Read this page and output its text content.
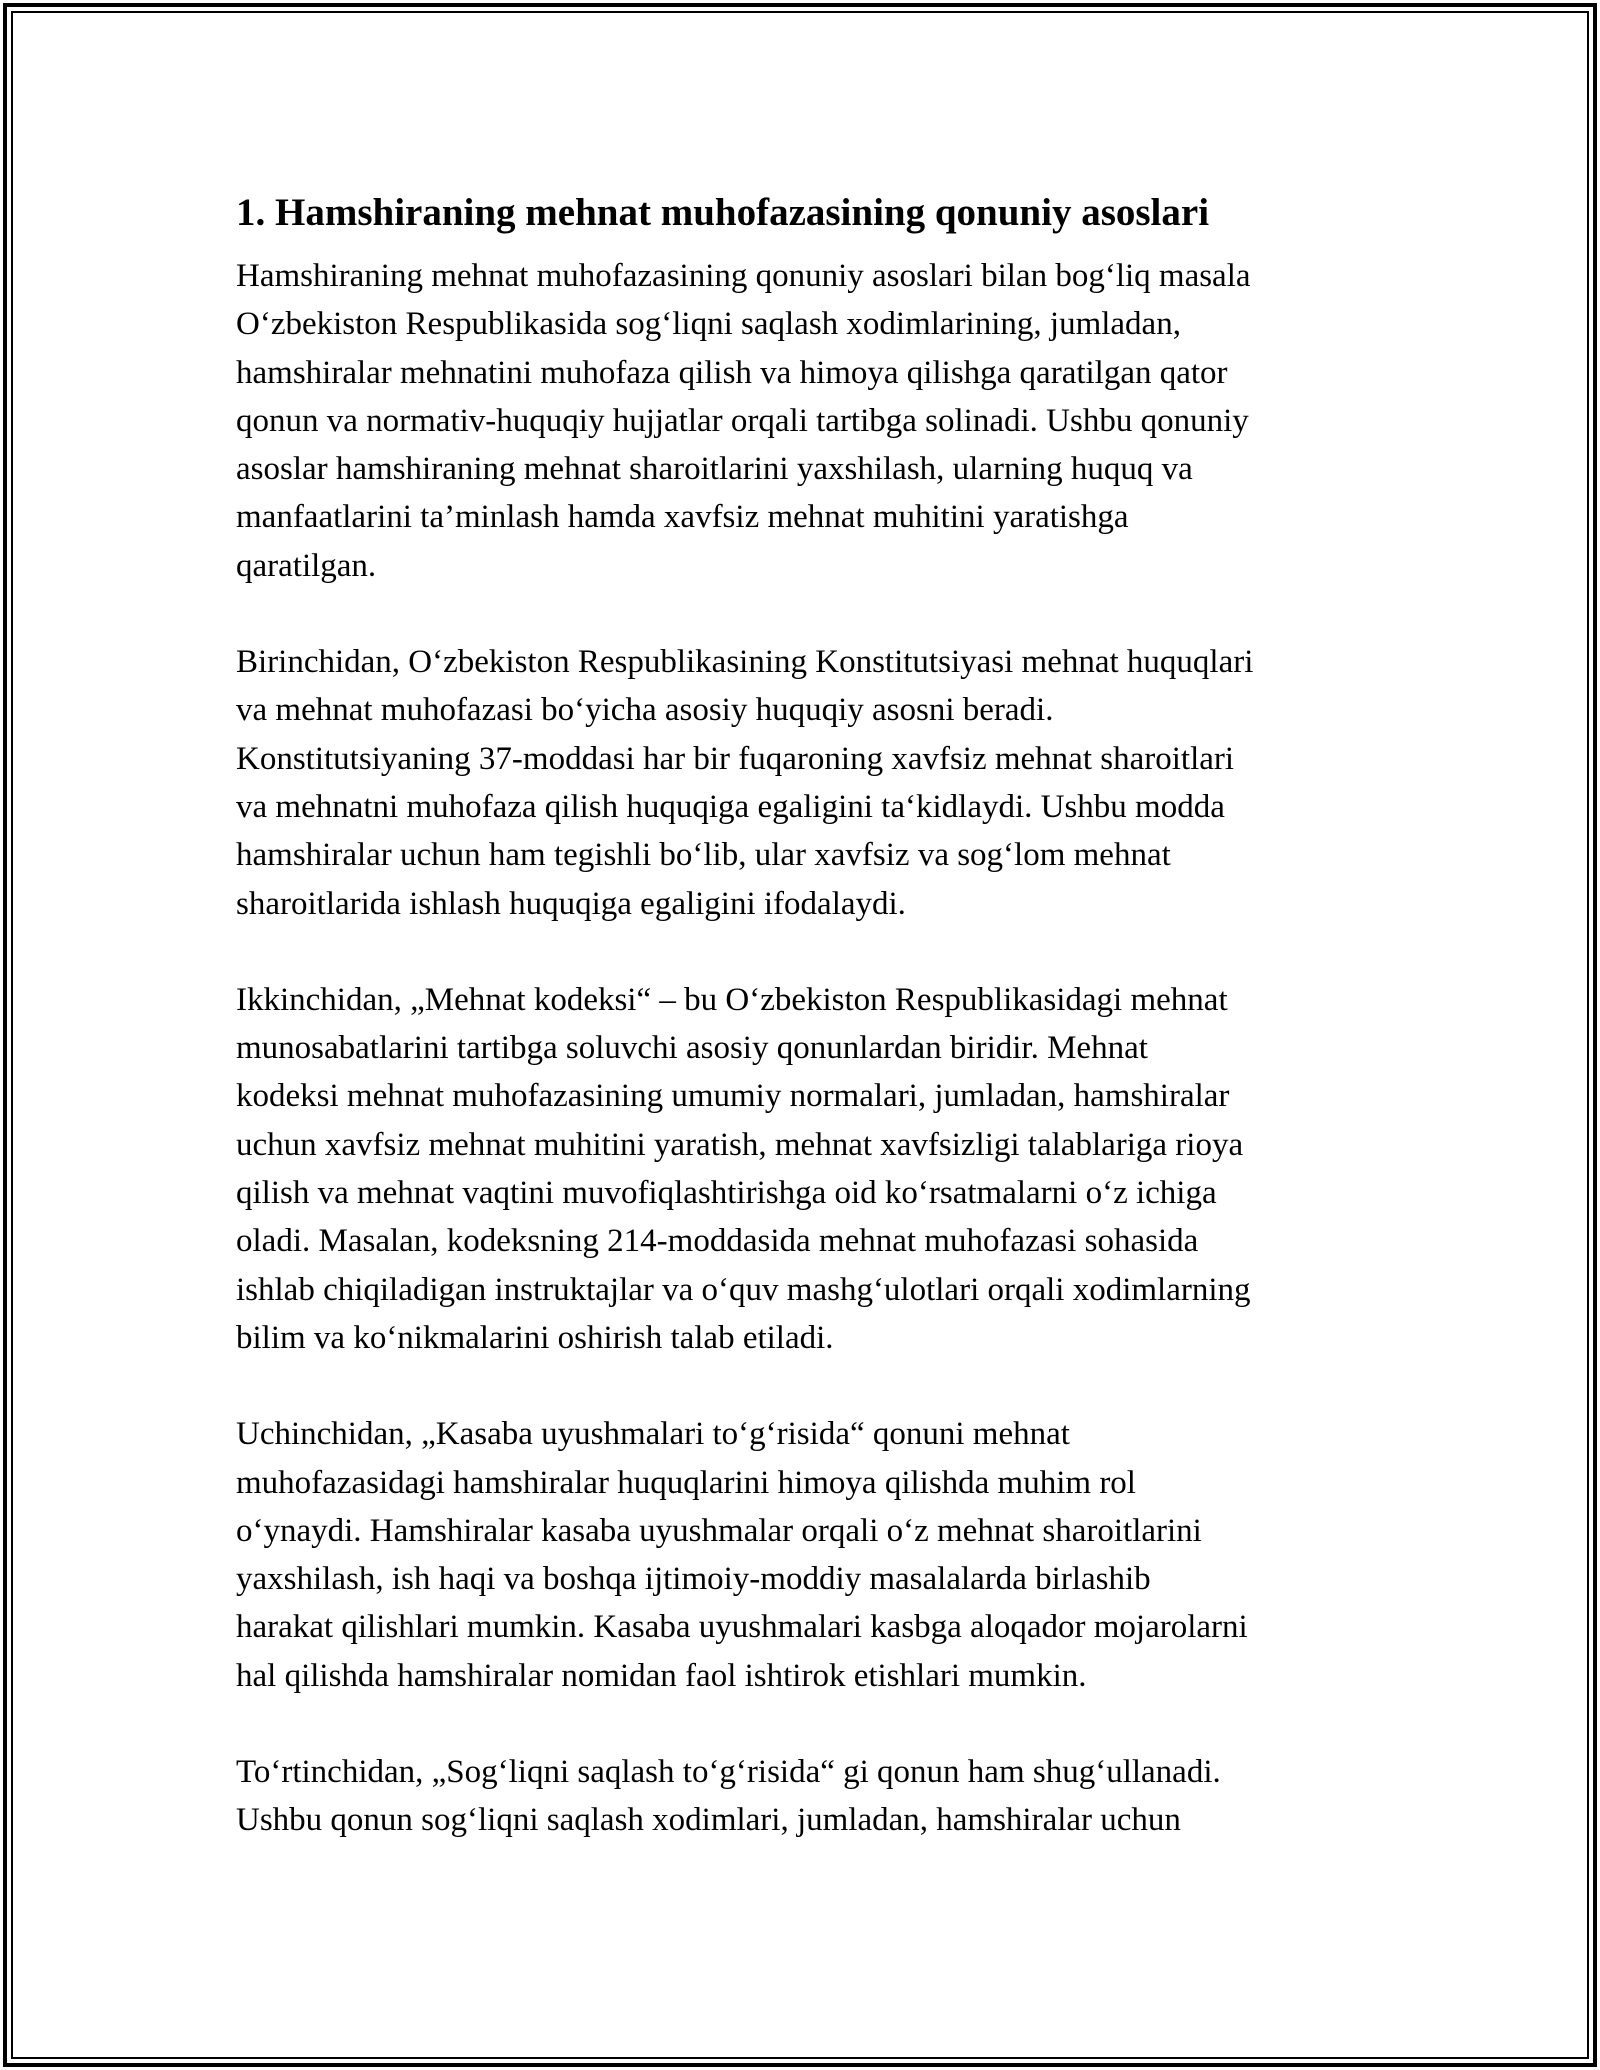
1. Hamshiraning mehnat muhofazasining qonuniy asoslari

Hamshiraning mehnat muhofazasining qonuniy asoslari bilan bog‘liq masala
O‘zbekiston Respublikasida sog‘liqni saqlash xodimlarining, jumladan,
hamshiralar mehnatini muhofaza qilish va himoya qilishga qaratilgan qator
qonun va normativ-huquqiy hujjatlar orqali tartibga solinadi. Ushbu qonuniy
asoslar hamshiraning mehnat sharoitlarini yaxshilash, ularning huquq va
manfaatlarini ta’minlash hamda xavfsiz mehnat muhitini yaratishga
qaratilgan.

Birinchidan, O‘zbekiston Respublikasining Konstitutsiyasi mehnat huquqlari
va mehnat muhofazasi bo‘yicha asosiy huquqiy asosni beradi.
Konstitutsiyaning 37-moddasi har bir fuqaroning xavfsiz mehnat sharoitlari
va mehnatni muhofaza qilish huquqiga egaligini ta‘kidlaydi. Ushbu modda
hamshiralar uchun ham tegishli bo‘lib, ular xavfsiz va sog‘lom mehnat
sharoitlarida ishlash huquqiga egaligini ifodalaydi.

Ikkinchidan, „Mehnat kodeksi“ – bu O‘zbekiston Respublikasidagi mehnat
munosabatlarini tartibga soluvchi asosiy qonunlardan biridir. Mehnat
kodeksi mehnat muhofazasining umumiy normalari, jumladan, hamshiralar
uchun xavfsiz mehnat muhitini yaratish, mehnat xavfsizligi talablariga rioya
qilish va mehnat vaqtini muvofiqlashtirishga oid ko‘rsatmalarni o‘z ichiga
oladi. Masalan, kodeksning 214-moddasida mehnat muhofazasi sohasida
ishlab chiqiladigan instruktajlar va o‘quv mashg‘ulotlari orqali xodimlarning
bilim va ko‘nikmalarini oshirish talab etiladi.

Uchinchidan, „Kasaba uyushmalari to‘g‘risida“ qonuni mehnat
muhofazasidagi hamshiralar huquqlarini himoya qilishda muhim rol
o‘ynaydi. Hamshiralar kasaba uyushmalar orqali o‘z mehnat sharoitlarini
yaxshilash, ish haqi va boshqa ijtimoiy-moddiy masalalarda birlashib
harakat qilishlari mumkin. Kasaba uyushmalari kasbga aloqador mojarolarni
hal qilishda hamshiralar nomidan faol ishtirok etishlari mumkin.

To‘rtinchidan, „Sog‘liqni saqlash to‘g‘risida“ gi qonun ham shug‘ullanadi.
Ushbu qonun sog‘liqni saqlash xodimlari, jumladan, hamshiralar uchun
